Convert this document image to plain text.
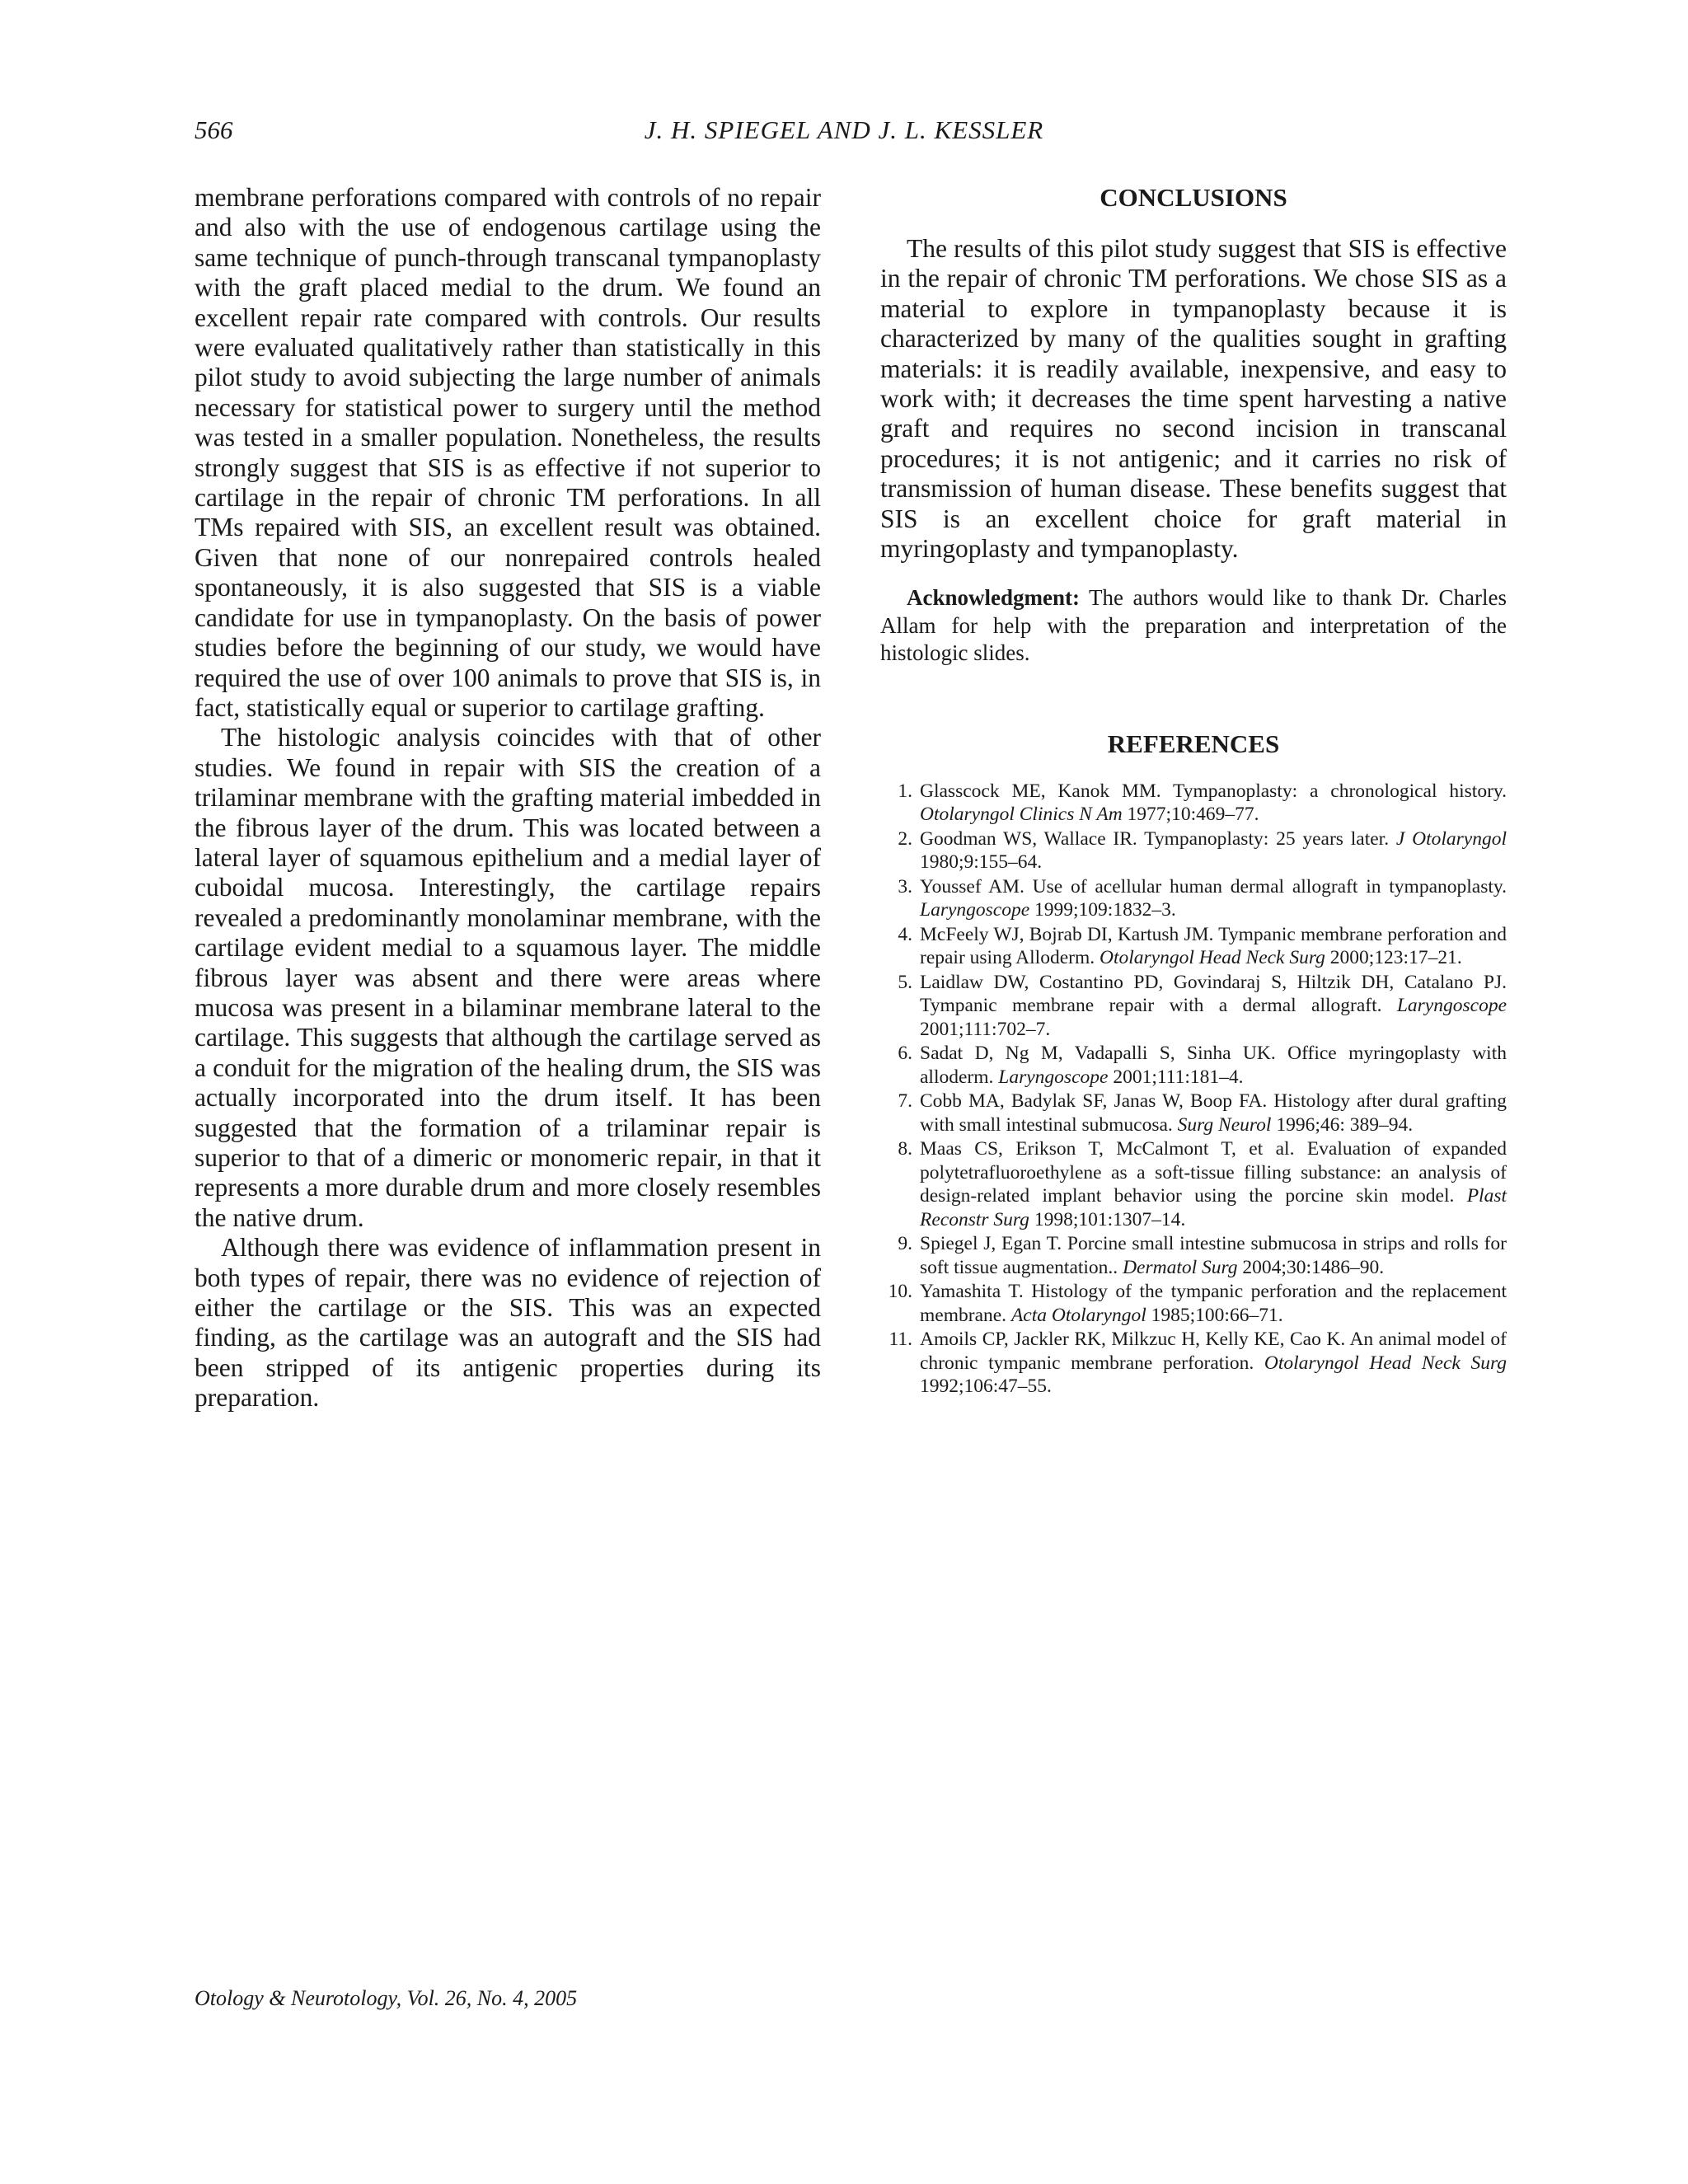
566	J. H. SPIEGEL AND J. L. KESSLER

membrane perforations compared with controls of no repair and also with the use of endogenous cartilage using the same technique of punch-through transcanal tympanoplasty with the graft placed medial to the drum. We found an excellent repair rate compared with controls. Our results were evaluated qualitatively rather than statistically in this pilot study to avoid subjecting the large number of animals necessary for statistical power to surgery until the method was tested in a smaller population. Nonetheless, the results strongly suggest that SIS is as effective if not superior to cartilage in the repair of chronic TM perforations. In all TMs repaired with SIS, an excellent result was obtained. Given that none of our nonrepaired controls healed spontaneously, it is also suggested that SIS is a viable candidate for use in tympanoplasty. On the basis of power studies before the beginning of our study, we would have required the use of over 100 animals to prove that SIS is, in fact, statistically equal or superior to cartilage grafting.

The histologic analysis coincides with that of other studies. We found in repair with SIS the creation of a trilaminar membrane with the grafting material imbedded in the fibrous layer of the drum. This was located between a lateral layer of squamous epithelium and a medial layer of cuboidal mucosa. Interestingly, the cartilage repairs revealed a predominantly monolaminar membrane, with the cartilage evident medial to a squamous layer. The middle fibrous layer was absent and there were areas where mucosa was present in a bilaminar membrane lateral to the cartilage. This suggests that although the cartilage served as a conduit for the migration of the healing drum, the SIS was actually incorporated into the drum itself. It has been suggested that the formation of a trilaminar repair is superior to that of a dimeric or monomeric repair, in that it represents a more durable drum and more closely resembles the native drum.

Although there was evidence of inflammation present in both types of repair, there was no evidence of rejection of either the cartilage or the SIS. This was an expected finding, as the cartilage was an autograft and the SIS had been stripped of its antigenic properties during its preparation.

CONCLUSIONS

The results of this pilot study suggest that SIS is effective in the repair of chronic TM perforations. We chose SIS as a material to explore in tympanoplasty because it is characterized by many of the qualities sought in grafting materials: it is readily available, inexpensive, and easy to work with; it decreases the time spent harvesting a native graft and requires no second incision in transcanal procedures; it is not antigenic; and it carries no risk of transmission of human disease. These benefits suggest that SIS is an excellent choice for graft material in myringoplasty and tympanoplasty.

Acknowledgment: The authors would like to thank Dr. Charles Allam for help with the preparation and interpretation of the histologic slides.

REFERENCES
1. Glasscock ME, Kanok MM. Tympanoplasty: a chronological history. Otolaryngol Clinics N Am 1977;10:469–77.
2. Goodman WS, Wallace IR. Tympanoplasty: 25 years later. J Otolaryngol 1980;9:155–64.
3. Youssef AM. Use of acellular human dermal allograft in tympanoplasty. Laryngoscope 1999;109:1832–3.
4. McFeely WJ, Bojrab DI, Kartush JM. Tympanic membrane perforation and repair using Alloderm. Otolaryngol Head Neck Surg 2000;123:17–21.
5. Laidlaw DW, Costantino PD, Govindaraj S, Hiltzik DH, Catalano PJ. Tympanic membrane repair with a dermal allograft. Laryngoscope 2001;111:702–7.
6. Sadat D, Ng M, Vadapalli S, Sinha UK. Office myringoplasty with alloderm. Laryngoscope 2001;111:181–4.
7. Cobb MA, Badylak SF, Janas W, Boop FA. Histology after dural grafting with small intestinal submucosa. Surg Neurol 1996;46: 389–94.
8. Maas CS, Erikson T, McCalmont T, et al. Evaluation of expanded polytetrafluoroethylene as a soft-tissue filling substance: an analysis of design-related implant behavior using the porcine skin model. Plast Reconstr Surg 1998;101:1307–14.
9. Spiegel J, Egan T. Porcine small intestine submucosa in strips and rolls for soft tissue augmentation.. Dermatol Surg 2004;30:1486–90.
10. Yamashita T. Histology of the tympanic perforation and the replacement membrane. Acta Otolaryngol 1985;100:66–71.
11. Amoils CP, Jackler RK, Milkzuc H, Kelly KE, Cao K. An animal model of chronic tympanic membrane perforation. Otolaryngol Head Neck Surg 1992;106:47–55.
Otology & Neurotology, Vol. 26, No. 4, 2005
